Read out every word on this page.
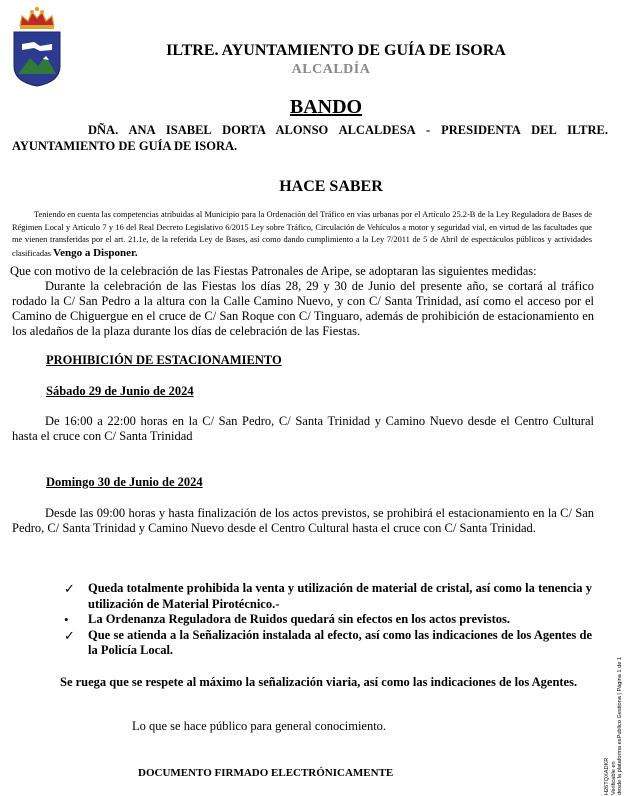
ILTRE. AYUNTAMIENTO DE GUÍA DE ISORA
ALCALDÍA
BANDO
DÑA. ANA ISABEL DORTA ALONSO ALCALDESA - PRESIDENTA DEL ILTRE. AYUNTAMIENTO DE GUÍA DE ISORA.
HACE SABER
Teniendo en cuenta las competencias atribuidas al Municipio para la Ordenación del Tráfico en vías urbanas por el Artículo 25.2-B de la Ley Reguladora de Bases de Régimen Local y Artículo 7 y 16 del Real Decreto Legislativo 6/2015 Ley sobre Tráfico, Circulación de Vehículos a motor y seguridad vial, en virtud de las facultades que me vienen transferidas por el art. 21.1e, de la referida Ley de Bases, así como dando cumplimiento a la Ley 7/2011 de 5 de Abril de espectáculos públicos y actividades clasificadas Vengo a Disponer.
Que con motivo de la celebración de las Fiestas Patronales de Aripe, se adoptaran las siguientes medidas:
Durante la celebración de las Fiestas los días 28, 29 y 30 de Junio del presente año, se cortará al tráfico rodado la C/ San Pedro a la altura con la Calle Camino Nuevo, y con C/ Santa Trinidad, así como el acceso por el Camino de Chiguergue en el cruce de C/ San Roque con C/ Tinguaro, además de prohibición de estacionamiento en los aledaños de la plaza durante los días de celebración de las Fiestas.
PROHIBICIÓN DE ESTACIONAMIENTO
Sábado 29 de Junio de 2024
De 16:00 a 22:00 horas en la C/ San Pedro, C/ Santa Trinidad y Camino Nuevo desde el Centro Cultural hasta el cruce con C/ Santa Trinidad
Domingo 30 de Junio de 2024
Desde las 09:00 horas y hasta finalización de los actos previstos, se prohibirá el estacionamiento en la C/ San Pedro, C/ Santa Trinidad y Camino Nuevo desde el Centro Cultural hasta el cruce con C/ Santa Trinidad.
✓ Queda totalmente prohibida la venta y utilización de material de cristal, así como la tenencia y utilización de Material Pirotécnico.-
• La Ordenanza Reguladora de Ruidos quedará sin efectos en los actos previstos.
✓ Que se atienda a la Señalización instalada al efecto, así como las indicaciones de los Agentes de la Policía Local.
Se ruega que se respete al máximo la señalización viaria, así como las indicaciones de los Agentes.
Lo que se hace público para general conocimiento.
DOCUMENTO FIRMADO ELECTRÓNICAMENTE	H26TQXADKR Verificable en desde la plataforma esPublico Gestiona | Página 1 de 1
